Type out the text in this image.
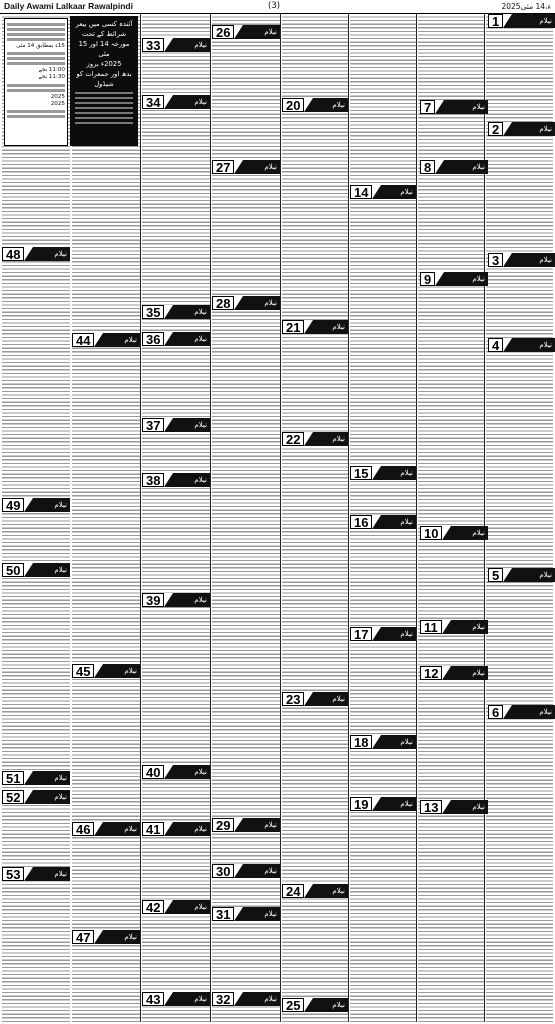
Daily Awami Lalkaar Rawalpindi	(3)	2025ء،14 مئی
15ء بمطابق 14 مئی
11:00 بجے
11:30 بجے
2025
2025
آئندہ کسی میں بیعر شرائط کے تحت
مورخہ 14 اور 15 مئی
2025ء بروز
بدھ اور جمعرات کو شیڈول
1	نیلام
2	نیلام
3	نیلام
4	نیلام
5	نیلام
6	نیلام
7	نیلام
8	نیلام
9	نیلام
10	نیلام
11	نیلام
12	نیلام
13	نیلام
14	نیلام
15	نیلام
16	نیلام
17	نیلام
18	نیلام
19	نیلام
20	نیلام
21	نیلام
22	نیلام
23	نیلام
24	نیلام
25	نیلام
26	نیلام
27	نیلام
28	نیلام
29	نیلام
30	نیلام
31	نیلام
32	نیلام
33	نیلام
34	نیلام
35	نیلام
36	نیلام
37	نیلام
38	نیلام
39	نیلام
40	نیلام
41	نیلام
42	نیلام
43	نیلام
44	نیلام
45	نیلام
46	نیلام
47	نیلام
48	نیلام
49	نیلام
50	نیلام
51	نیلام
52	نیلام
53	نیلام
